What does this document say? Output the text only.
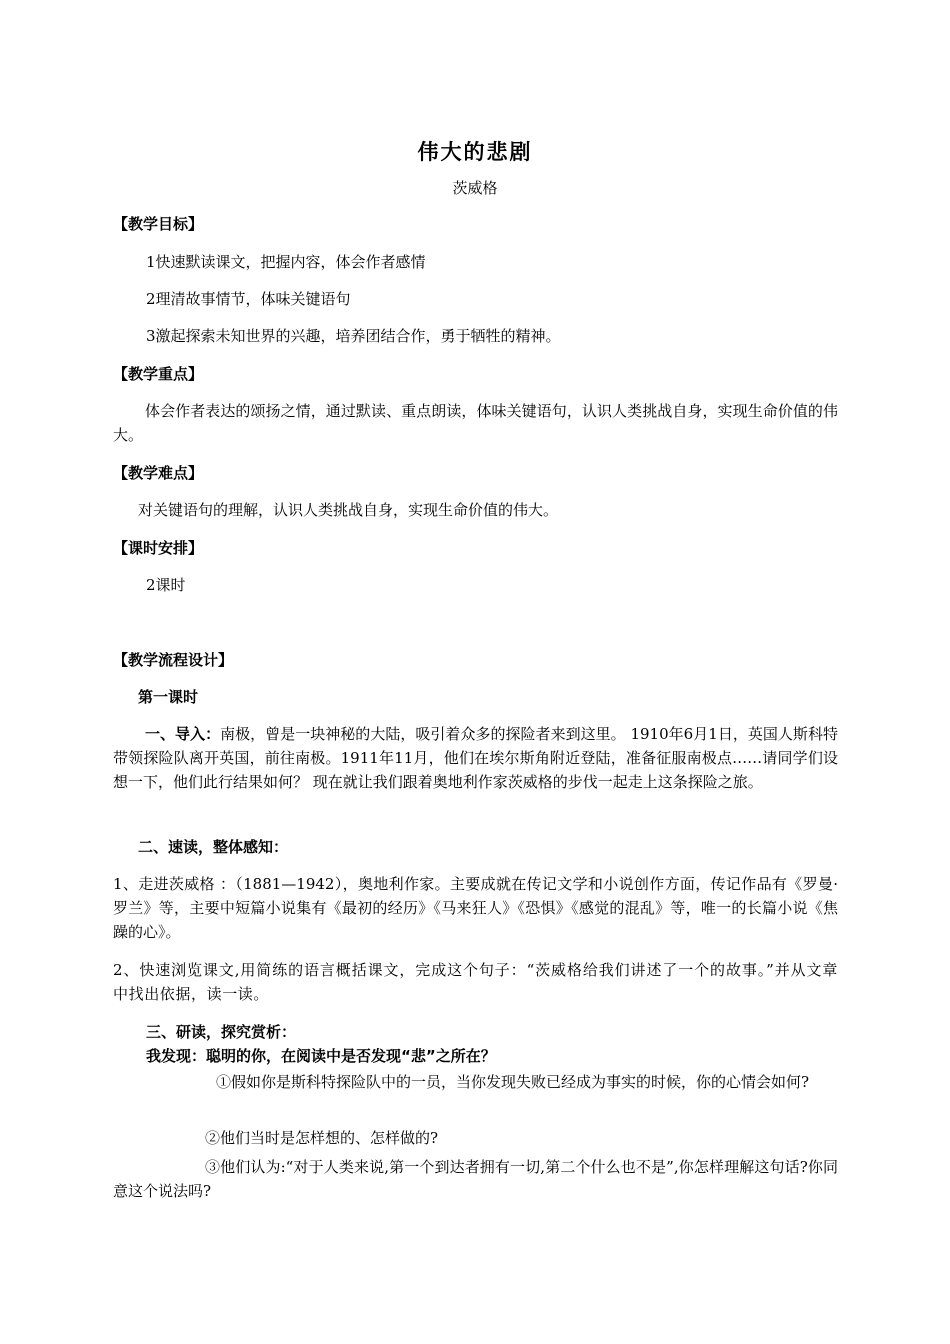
伟大的悲剧
茨威格
【教学目标】
1快速默读课文，把握内容，体会作者感情
2理清故事情节，体味关键语句
3激起探索未知世界的兴趣，培养团结合作，勇于牺牲的精神。
【教学重点】
体会作者表达的颂扬之情，通过默读、重点朗读，体味关键语句，认识人类挑战自身，实现生命价值的伟大。
【教学难点】
对关键语句的理解，认识人类挑战自身，实现生命价值的伟大。
【课时安排】
2课时
【教学流程设计】
第一课时
一、导入：南极，曾是一块神秘的大陆，吸引着众多的探险者来到这里。 1910年6月1日，英国人斯科特带领探险队离开英国，前往南极。1911年11月，他们在埃尔斯角附近登陆，准备征服南极点……请同学们设想一下，他们此行结果如何？ 现在就让我们跟着奥地利作家茨威格的步伐一起走上这条探险之旅。
二、速读，整体感知：
1、走进茨威格 ：（1881—1942），奥地利作家。主要成就在传记文学和小说创作方面，传记作品有《罗曼·罗兰》等，主要中短篇小说集有《最初的经历》《马来狂人》《恐惧》《感觉的混乱》等，唯一的长篇小说《焦躁的心》。
2、快速浏览课文,用简练的语言概括课文，完成这个句子：“茨威格给我们讲述了一个的故事。”并从文章中找出依据，读一读。
三、研读，探究赏析：
我发现：聪明的你，在阅读中是否发现“悲”之所在？
①假如你是斯科特探险队中的一员，当你发现失败已经成为事实的时候，你的心情会如何?
②他们当时是怎样想的、怎样做的?
③他们认为:“对于人类来说,第一个到达者拥有一切,第二个什么也不是”,你怎样理解这句话?你同意这个说法吗?
